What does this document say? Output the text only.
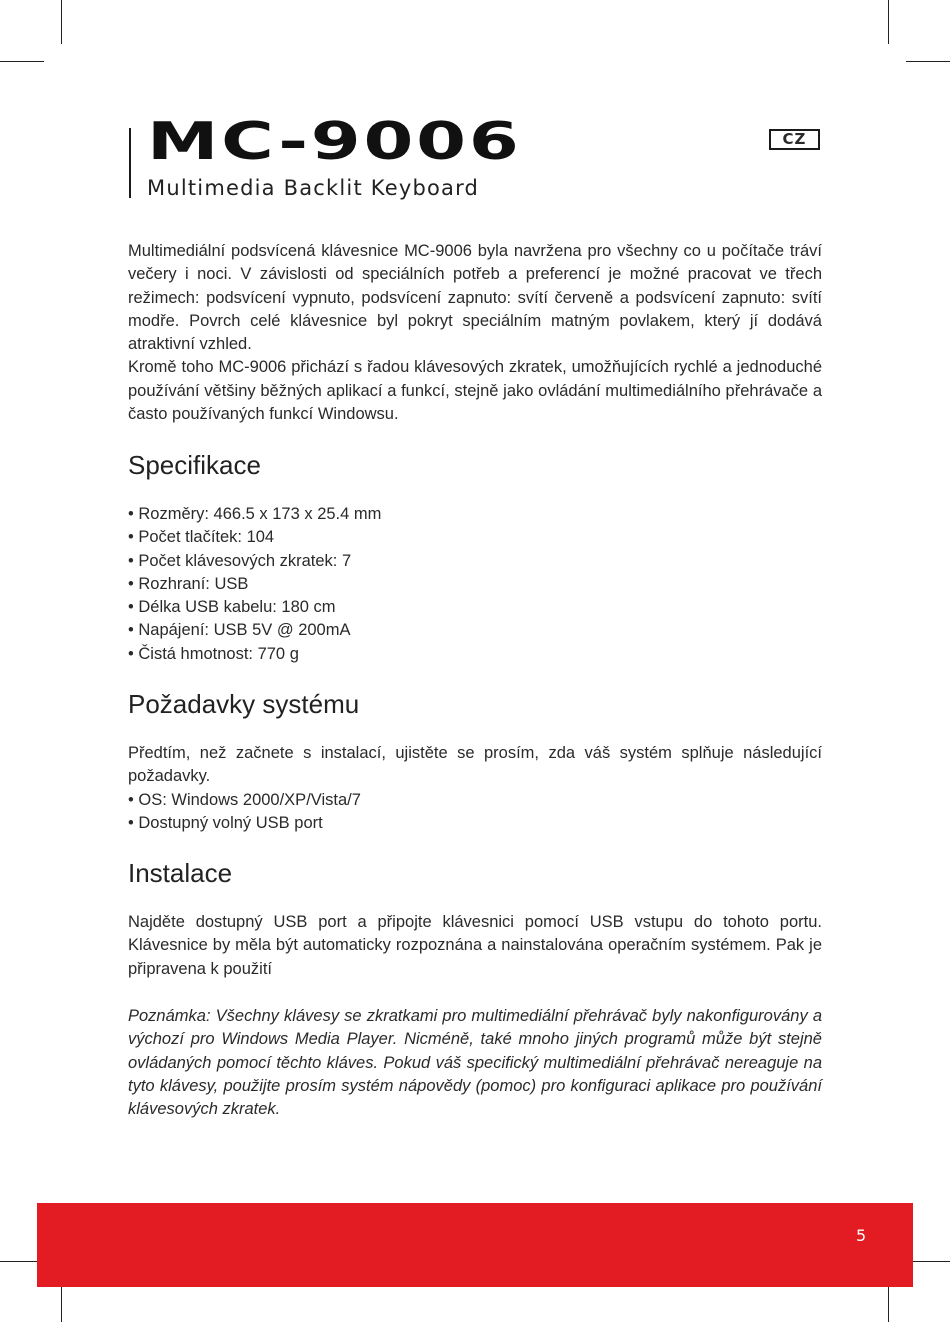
MC-9006
Multimedia Backlit Keyboard
CZ

Multimediální podsvícená klávesnice MC-9006 byla navržena pro všechny co u počítače tráví večery i noci. V závislosti od speciálních potřeb a preferencí je možné pracovat ve třech režimech: podsvícení vypnuto, podsvícení zapnuto: svítí červeně a podsvícení zapnuto: svítí modře. Povrch celé klávesnice byl pokryt speciálním matným povlakem, který jí dodává atraktivní vzhled.

Kromě toho MC-9006 přichází s řadou klávesových zkratek, umožňujících rychlé a jednoduché používání většiny běžných aplikací a funkcí, stejně jako ovládání multimediálního přehrávače a často používaných funkcí Windowsu.

Specifikace
• Rozměry: 466.5 x 173 x 25.4 mm
• Počet tlačítek: 104
• Počet klávesových zkratek: 7
• Rozhraní: USB
• Délka USB kabelu: 180 cm
• Napájení: USB 5V @ 200mA
• Čistá hmotnost: 770 g
Požadavky systému

Předtím, než začnete s instalací, ujistěte se prosím, zda váš systém splňuje následující požadavky.

• OS: Windows 2000/XP/Vista/7
• Dostupný volný USB port
Instalace

Najděte dostupný USB port a připojte klávesnici pomocí USB vstupu do tohoto portu. Klávesnice by měla být automaticky rozpoznána a nainstalována operačním systémem. Pak je připravena k použití

Poznámka: Všechny klávesy se zkratkami pro multimediální přehrávač byly nakonfigurovány a výchozí pro Windows Media Player. Nicméně, také mnoho jiných programů může být stejně ovládaných pomocí těchto kláves. Pokud váš specifický multimediální přehrávač nereaguje na tyto klávesy, použijte prosím systém nápovědy (pomoc) pro konfiguraci aplikace pro používání klávesových zkratek.

5
